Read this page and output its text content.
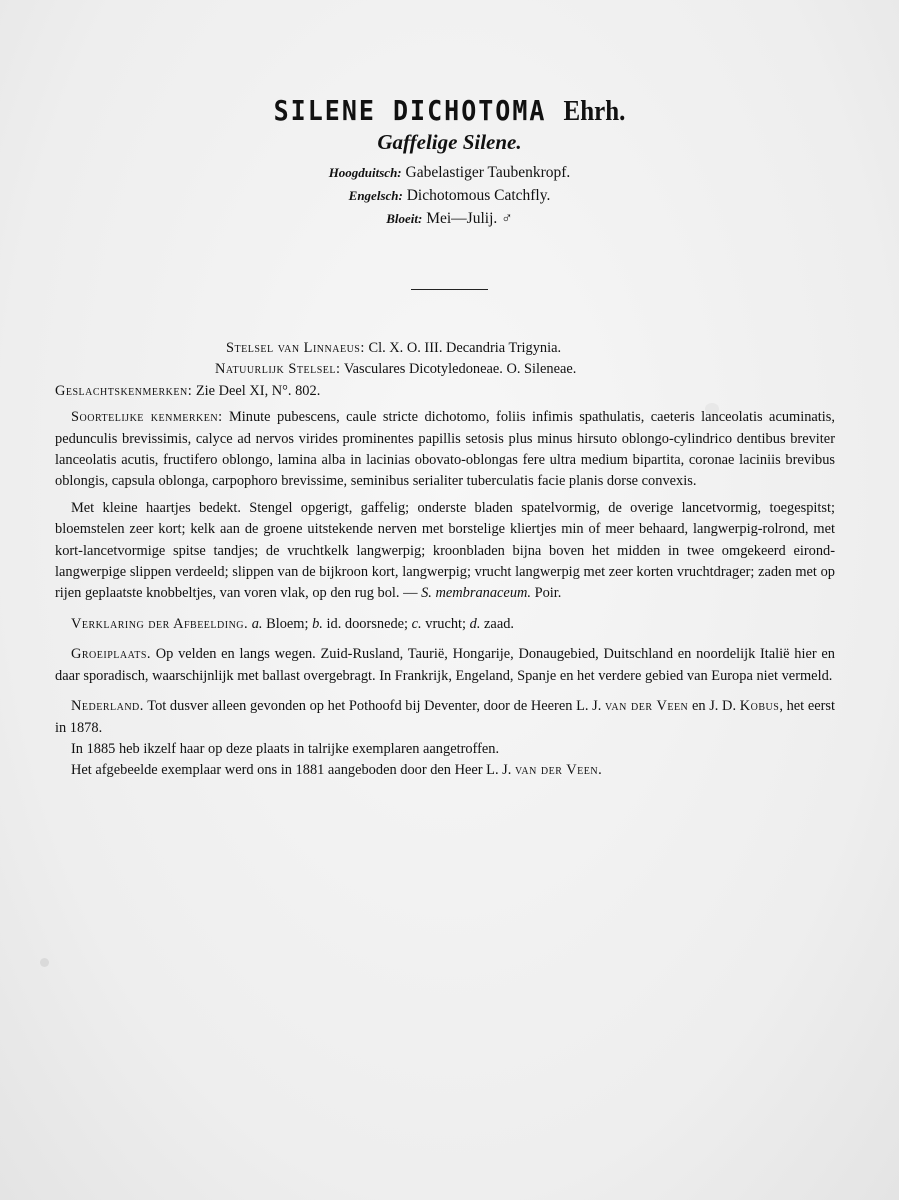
SILENE DICHOTOMA Ehrh.
Gaffelige Silene.
Hoogduitsch: Gabelastiger Taubenkropf.
Engelsch: Dichotomous Catchfly.
Bloeit: Mei—Julij. ♂

Stelsel van Linnaeus: Cl. X. O. III. Decandria Trigynia.

Natuurlijk Stelsel: Vasculares Dicotyledoneae. O. Sileneae.

Geslachtskenmerken: Zie Deel XI, N°. 802.

Soortelijke kenmerken: Minute pubescens, caule stricte dichotomo, foliis infimis spathulatis, caeteris lanceolatis acuminatis, pedunculis brevissimis, calyce ad nervos virides prominentes papillis setosis plus minus hirsuto oblongo-cylindrico dentibus breviter lanceolatis acutis, fructifero oblongo, lamina alba in lacinias obovato-oblongas fere ultra medium bipartita, coronae laciniis brevibus oblongis, capsula oblonga, carpophoro brevissime, seminibus serialiter tuberculatis facie planis dorse convexis.

Met kleine haartjes bedekt. Stengel opgerigt, gaffelig; onderste bladen spatelvormig, de overige lancetvormig, toegespitst; bloemstelen zeer kort; kelk aan de groene uitstekende nerven met borstelige kliertjes min of meer behaard, langwerpig-rolrond, met kort-lancetvormige spitse tandjes; de vruchtkelk langwerpig; kroonbladen bijna boven het midden in twee omgekeerd eirond-langwerpige slippen verdeeld; slippen van de bijkroon kort, langwerpig; vrucht langwerpig met zeer korten vruchtdrager; zaden met op rijen geplaatste knobbeltjes, van voren vlak, op den rug bol. — S. membranaceum. Poir.

Verklaring der Afbeelding. a. Bloem; b. id. doorsnede; c. vrucht; d. zaad.

Groeiplaats. Op velden en langs wegen. Zuid-Rusland, Taurië, Hongarije, Donaugebied, Duitschland en noordelijk Italië hier en daar sporadisch, waarschijnlijk met ballast overgebragt. In Frankrijk, Engeland, Spanje en het verdere gebied van Europa niet vermeld.

Nederland. Tot dusver alleen gevonden op het Pothoofd bij Deventer, door de Heeren L. J. van der Veen en J. D. Kobus, het eerst in 1878.

In 1885 heb ikzelf haar op deze plaats in talrijke exemplaren aangetroffen.

Het afgebeelde exemplaar werd ons in 1881 aangeboden door den Heer L. J. van der Veen.
